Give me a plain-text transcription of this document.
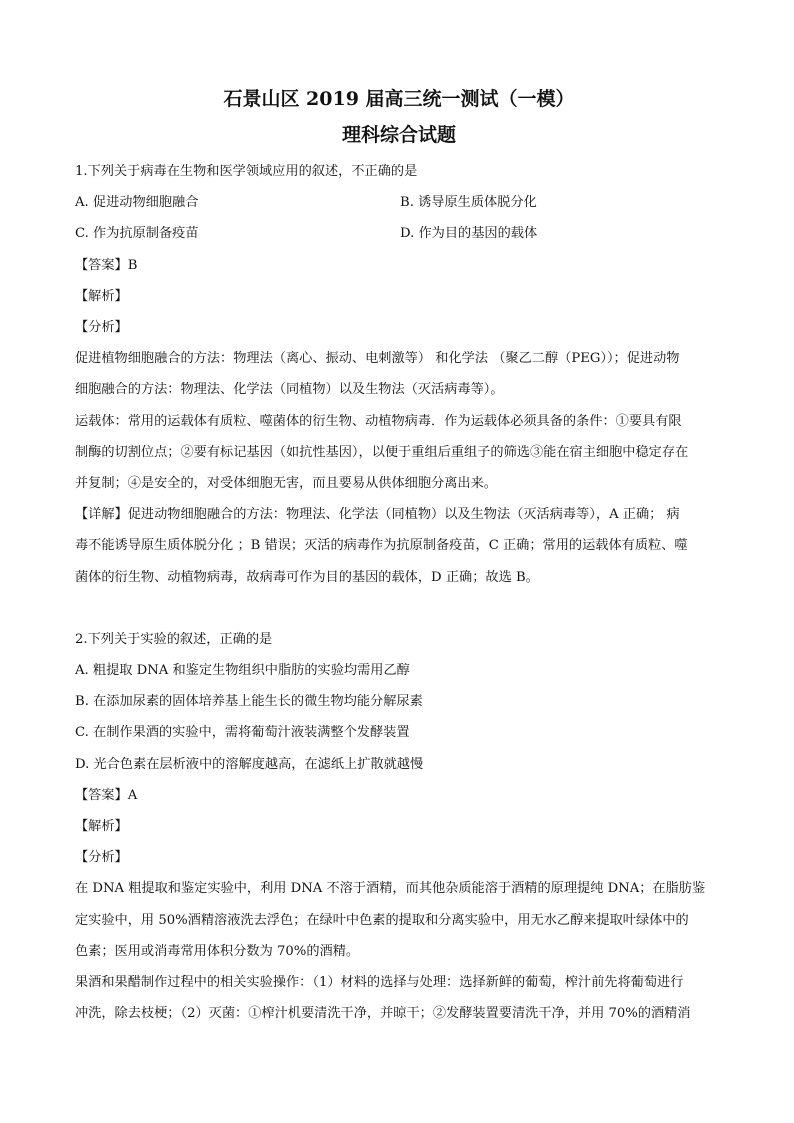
石景山区 2019 届高三统一测试（一模）

理科综合试题

1.下列关于病毒在生物和医学领域应用的叙述，不正确的是

A. 促进动物细胞融合	B. 诱导原生质体脱分化
C. 作为抗原制备疫苗	D. 作为目的基因的载体

【答案】B

【解析】

【分析】

促进植物细胞融合的方法：物理法（离心、振动、电刺激等） 和化学法 （聚乙二醇（PEG））；促进动物

细胞融合的方法：物理法、化学法（同植物）以及生物法（灭活病毒等）。

运载体：常用的运载体有质粒、噬菌体的衍生物、动植物病毒．作为运载体必须具备的条件：①要具有限

制酶的切割位点；②要有标记基因（如抗性基因），以便于重组后重组子的筛选③能在宿主细胞中稳定存在

并复制；④是安全的，对受体细胞无害，而且要易从供体细胞分离出来。

【详解】促进动物细胞融合的方法：物理法、化学法（同植物）以及生物法（灭活病毒等），A 正确； 病

毒不能诱导原生质体脱分化 ；B 错误；灭活的病毒作为抗原制备疫苗，C 正确；常用的运载体有质粒、噬

菌体的衍生物、动植物病毒，故病毒可作为目的基因的载体，D 正确；故选 B。

2.下列关于实验的叙述，正确的是

A. 粗提取 DNA 和鉴定生物组织中脂肪的实验均需用乙醇

B. 在添加尿素的固体培养基上能生长的微生物均能分解尿素

C. 在制作果酒的实验中，需将葡萄汁液装满整个发酵装置

D. 光合色素在层析液中的溶解度越高，在滤纸上扩散就越慢

【答案】A

【解析】

【分析】

在 DNA 粗提取和鉴定实验中，利用 DNA 不溶于酒精，而其他杂质能溶于酒精的原理提纯 DNA；在脂肪鉴

定实验中，用 50%酒精溶液洗去浮色；在绿叶中色素的提取和分离实验中，用无水乙醇来提取叶绿体中的

色素；医用或消毒常用体积分数为 70%的酒精。

果酒和果醋制作过程中的相关实验操作：（1）材料的选择与处理：选择新鲜的葡萄，榨汁前先将葡萄进行

冲洗，除去枝梗；（2）灭菌：①榨汁机要清洗干净，并晾干；②发酵装置要清洗干净，并用 70%的酒精消
